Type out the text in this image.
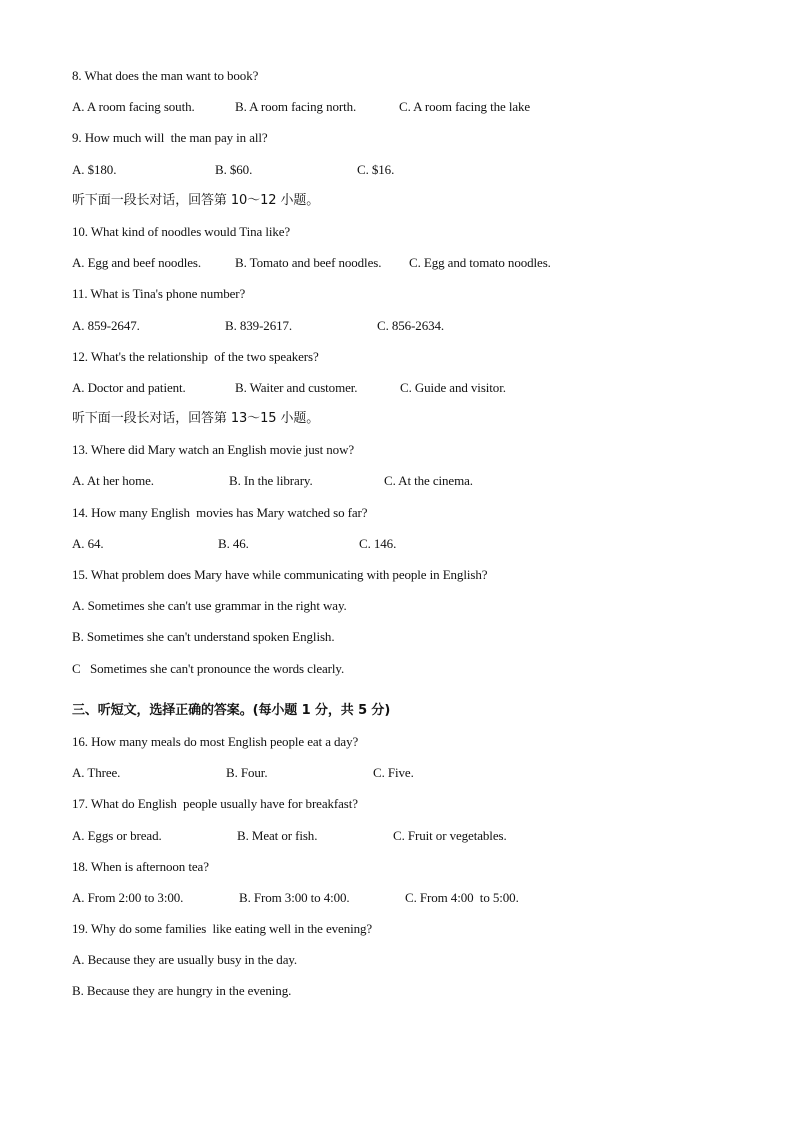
8. What does the man want to book?
A. A room facing south.	B. A room facing north.	C. A room facing the lake
9. How much will  the man pay in all?
A. $180.	B. $60.	C. $16.
听下面一段长对话，回答第 10～12 小题。
10. What kind of noodles would Tina like?
A. Egg and beef noodles.	B. Tomato and beef noodles.	C. Egg and tomato noodles.
11. What is Tina's phone number?
A. 859-2647.	B. 839-2617.	C. 856-2634.
12. What's the relationship  of the two speakers?
A. Doctor and patient.	B. Waiter and customer.	C. Guide and visitor.
听下面一段长对话，回答第 13～15 小题。
13. Where did Mary watch an English movie just now?
A. At her home.	B. In the library.	C. At the cinema.
14. How many English  movies has Mary watched so far?
A. 64.	B. 46.	C. 146.
15. What problem does Mary have while communicating with people in English?
A. Sometimes she can't use grammar in the right way.
B. Sometimes she can't understand spoken English.
C   Sometimes she can't pronounce the words clearly.
三、听短文，选择正确的答案。(每小题 1 分，共 5 分)
16. How many meals do most English people eat a day?
A. Three.	B. Four.	C. Five.
17. What do English  people usually have for breakfast?
A. Eggs or bread.	B. Meat or fish.	C. Fruit or vegetables.
18. When is afternoon tea?
A. From 2:00 to 3:00.	B. From 3:00 to 4:00.	C. From 4:00  to 5:00.
19. Why do some families  like eating well in the evening?
A. Because they are usually busy in the day.
B. Because they are hungry in the evening.
